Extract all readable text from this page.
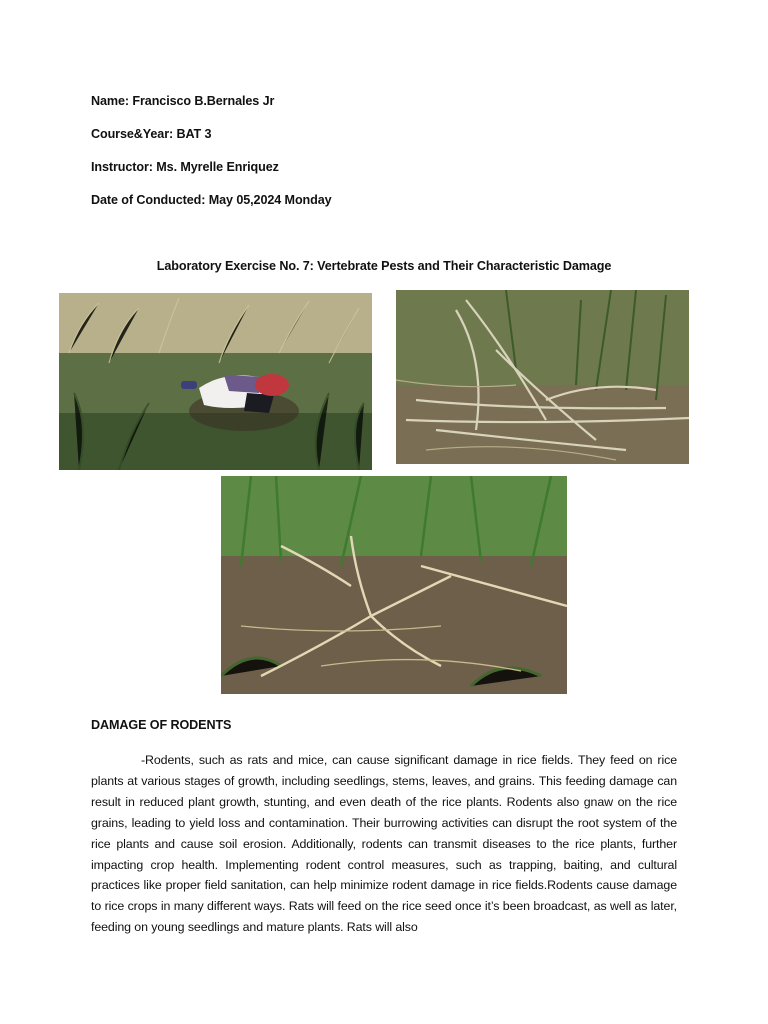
Name: Francisco B.Bernales Jr
Course&Year: BAT 3
Instructor: Ms. Myrelle Enriquez
Date of Conducted: May 05,2024 Monday
Laboratory Exercise No. 7: Vertebrate Pests and Their Characteristic Damage
DAMAGE OF RODENTS
-Rodents, such as rats and mice, can cause significant damage in rice fields. They feed on rice plants at various stages of growth, including seedlings, stems, leaves, and grains. This feeding damage can result in reduced plant growth, stunting, and even death of the rice plants. Rodents also gnaw on the rice grains, leading to yield loss and contamination. Their burrowing activities can disrupt the root system of the rice plants and cause soil erosion. Additionally, rodents can transmit diseases to the rice plants, further impacting crop health. Implementing rodent control measures, such as trapping, baiting, and cultural practices like proper field sanitation, can help minimize rodent damage in rice fields.Rodents cause damage to rice crops in many different ways. Rats will feed on the rice seed once it’s been broadcast, as well as later, feeding on young seedlings and mature plants. Rats will also
